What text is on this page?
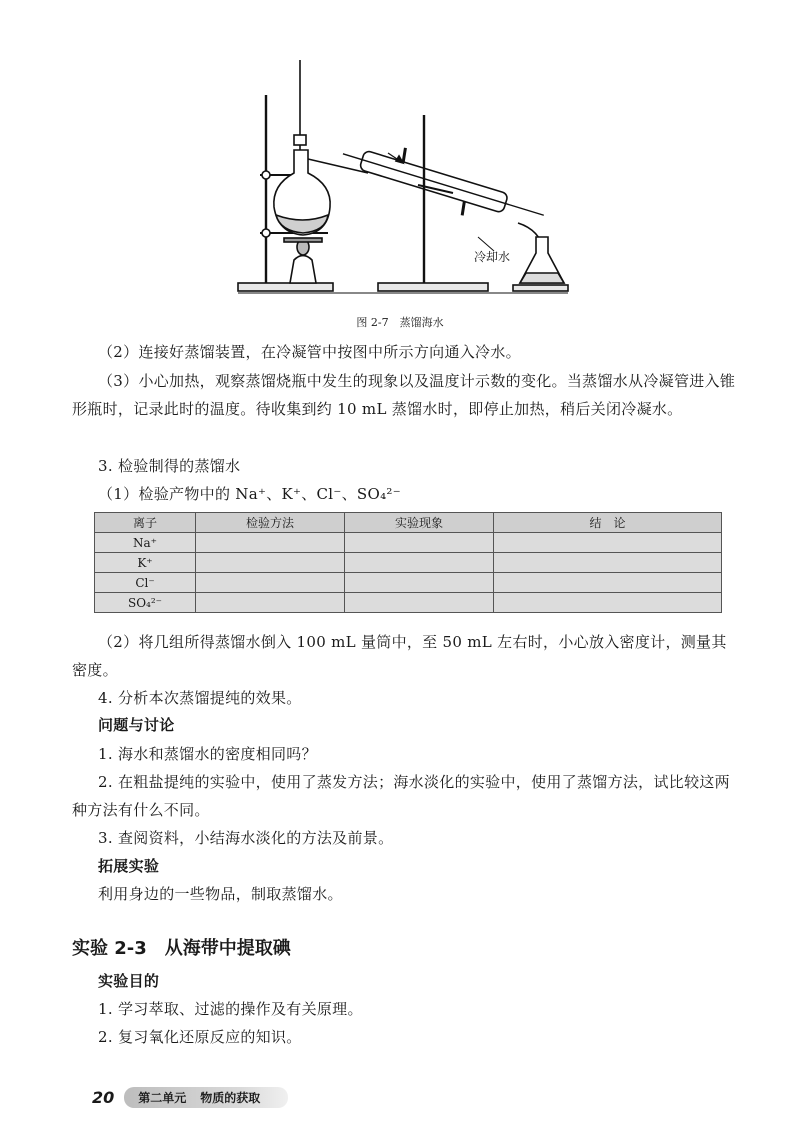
冷却水
图 2-7　蒸馏海水
（2）连接好蒸馏装置，在冷凝管中按图中所示方向通入冷水。
（3）小心加热，观察蒸馏烧瓶中发生的现象以及温度计示数的变化。当蒸馏水从冷凝管进入锥形瓶时，记录此时的温度。待收集到约 10 mL 蒸馏水时，即停止加热，稍后关闭冷凝水。
3. 检验制得的蒸馏水
（1）检验产物中的 Na⁺、K⁺、Cl⁻、SO₄²⁻
离子	检验方法	实验现象	结　论
Na⁺			
K⁺			
Cl⁻			
SO₄²⁻			
（2）将几组所得蒸馏水倒入 100 mL 量筒中，至 50 mL 左右时，小心放入密度计，测量其密度。
4. 分析本次蒸馏提纯的效果。
问题与讨论
1. 海水和蒸馏水的密度相同吗？
2. 在粗盐提纯的实验中，使用了蒸发方法；海水淡化的实验中，使用了蒸馏方法，试比较这两种方法有什么不同。
3. 查阅资料，小结海水淡化的方法及前景。
拓展实验
利用身边的一些物品，制取蒸馏水。
实验 2-3　从海带中提取碘
实验目的
1. 学习萃取、过滤的操作及有关原理。
2. 复习氧化还原反应的知识。
20	第二单元 物质的获取
